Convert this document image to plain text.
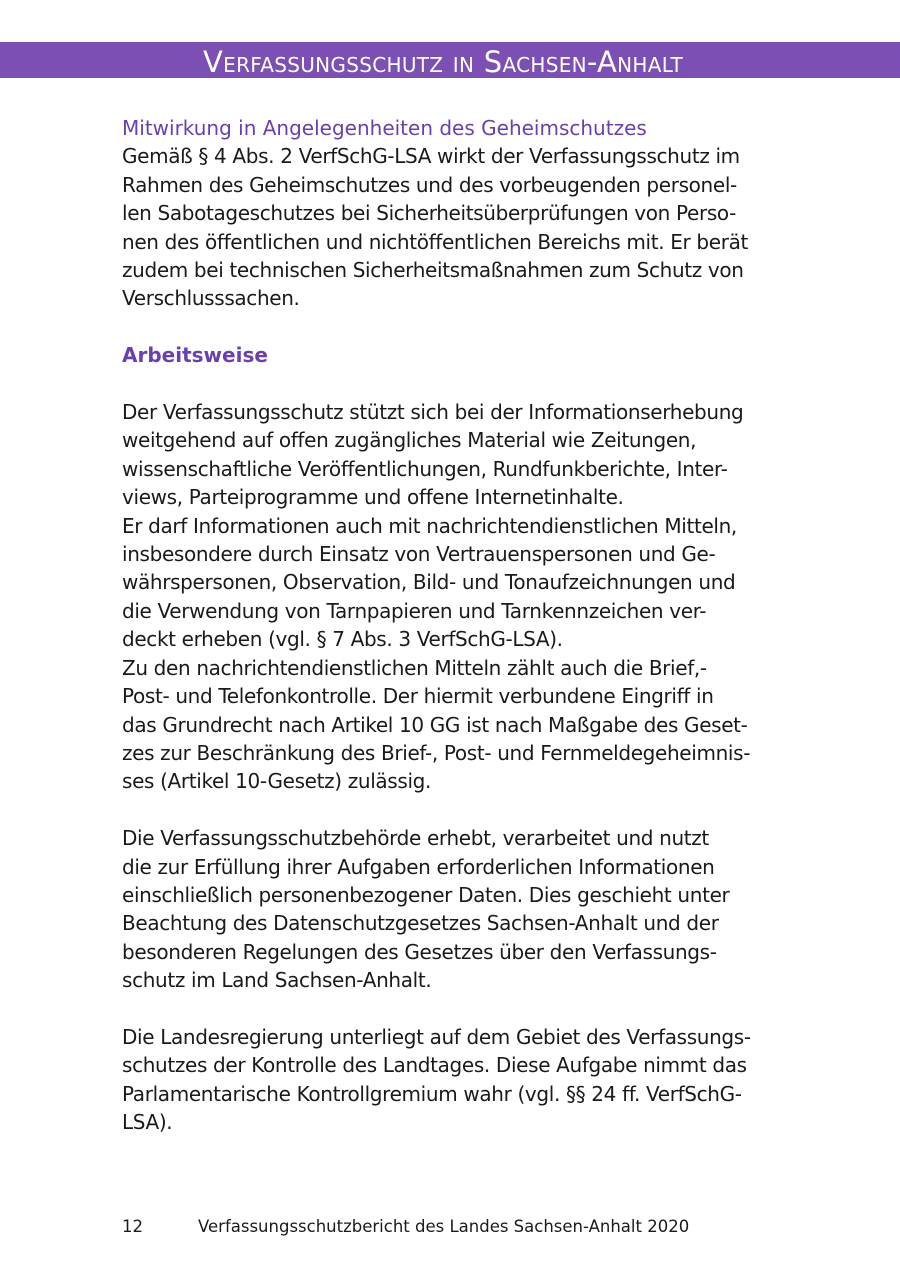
Verfassungsschutz in Sachsen-Anhalt
Mitwirkung in Angelegenheiten des Geheimschutzes
Gemäß § 4 Abs. 2 VerfSchG-LSA wirkt der Verfassungsschutz im
Rahmen des Geheimschutzes und des vorbeugenden personel-
len Sabotageschutzes bei Sicherheitsüberprüfungen von Perso-
nen des öffentlichen und nichtöffentlichen Bereichs mit. Er berät
zudem bei technischen Sicherheitsmaßnahmen zum Schutz von
Verschlusssachen.
Arbeitsweise
Der Verfassungsschutz stützt sich bei der Informationserhebung
weitgehend auf offen zugängliches Material wie Zeitungen,
wissenschaftliche Veröffentlichungen, Rundfunkberichte, Inter-
views, Parteiprogramme und offene Internetinhalte.
Er darf Informationen auch mit nachrichtendienstlichen Mitteln,
insbesondere durch Einsatz von Vertrauenspersonen und Ge-
währspersonen, Observation, Bild- und Tonaufzeichnungen und
die Verwendung von Tarnpapieren und Tarnkennzeichen ver-
deckt erheben (vgl. § 7 Abs. 3 VerfSchG-LSA).
Zu den nachrichtendienstlichen Mitteln zählt auch die Brief,-
Post- und Telefonkontrolle. Der hiermit verbundene Eingriff in
das Grundrecht nach Artikel 10 GG ist nach Maßgabe des Geset-
zes zur Beschränkung des Brief-, Post- und Fernmeldegeheimnis-
ses (Artikel 10-Gesetz) zulässig.
Die Verfassungsschutzbehörde erhebt, verarbeitet und nutzt
die zur Erfüllung ihrer Aufgaben erforderlichen Informationen
einschließlich personenbezogener Daten. Dies geschieht unter
Beachtung des Datenschutzgesetzes Sachsen-Anhalt und der
besonderen Regelungen des Gesetzes über den Verfassungs-
schutz im Land Sachsen-Anhalt.
Die Landesregierung unterliegt auf dem Gebiet des Verfassungs-
schutzes der Kontrolle des Landtages. Diese Aufgabe nimmt das
Parlamentarische Kontrollgremium wahr (vgl. §§ 24 ff. VerfSchG-
LSA).
12	Verfassungsschutzbericht des Landes Sachsen-Anhalt 2020
